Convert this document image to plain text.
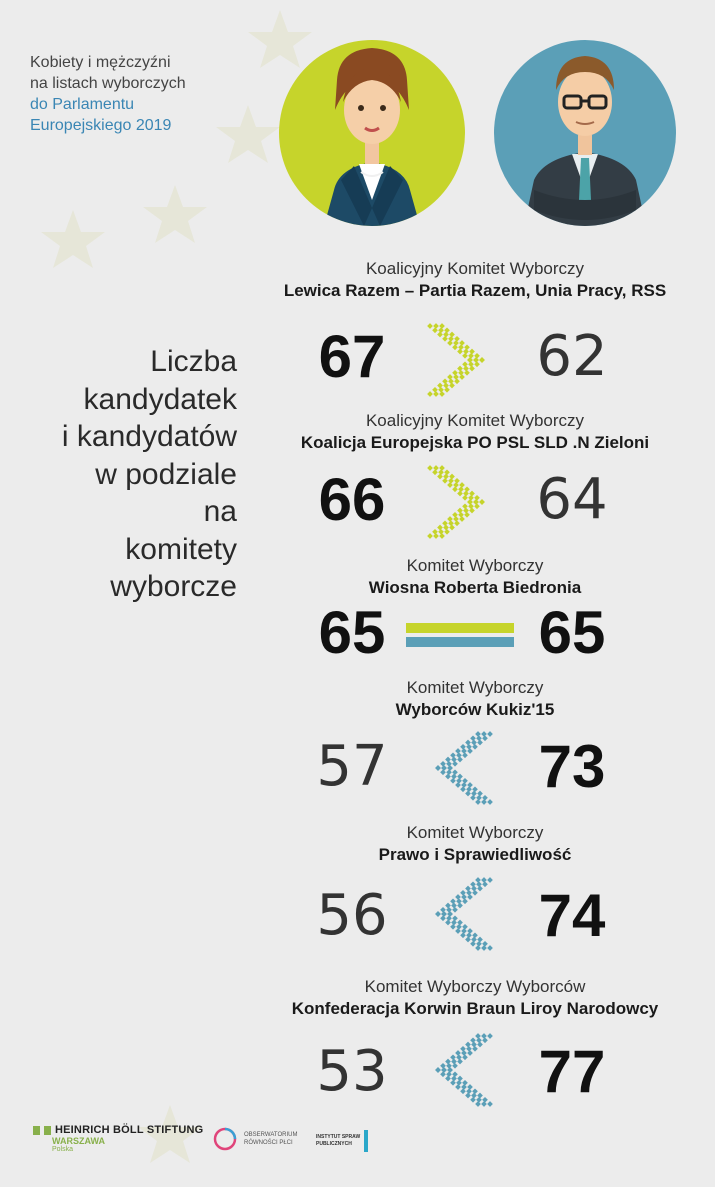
Kobiety i mężczyźni
na listach wyborczych
do Parlamentu
Europejskiego 2019
Liczba
kandydatek
i kandydatów
w podziale
na
komitety
wyborcze
Koalicyjny Komitet Wyborczy
Lewica Razem – Partia Razem, Unia Pracy, RSS
67	62
Koalicyjny Komitet Wyborczy
Koalicja Europejska PO PSL SLD .N Zieloni
66	64
Komitet Wyborczy
Wiosna Roberta Biedronia
65	65
Komitet Wyborczy
Wyborców Kukiz'15
57	73
Komitet Wyborczy
Prawo i Sprawiedliwość
56	74
Komitet Wyborczy Wyborców
Konfederacja Korwin Braun Liroy Narodowcy
53	77
HEINRICH BÖLL STIFTUNG
WARSZAWA
Polska
OBSERWATORIUM
RÓWNOŚCI PŁCI
INSTYTUT SPRAW
PUBLICZNYCH
